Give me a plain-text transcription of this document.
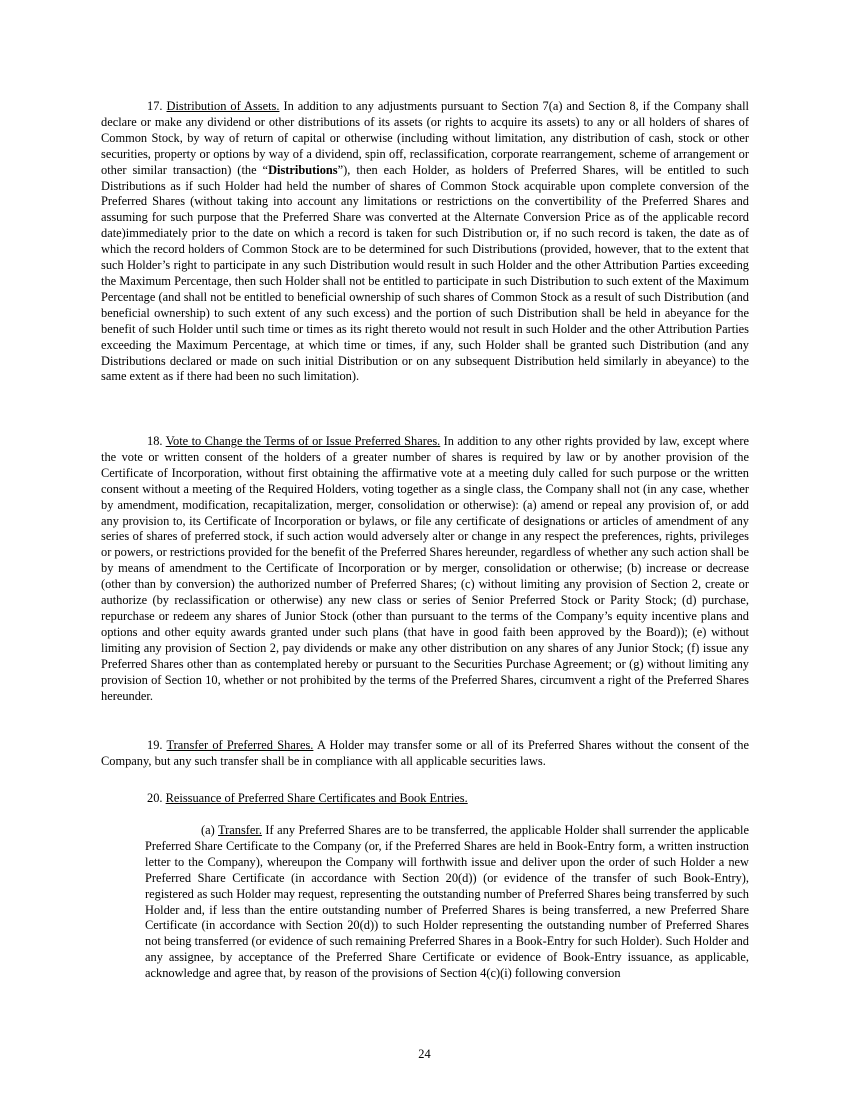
17. Distribution of Assets. In addition to any adjustments pursuant to Section 7(a) and Section 8, if the Company shall declare or make any dividend or other distributions of its assets (or rights to acquire its assets) to any or all holders of shares of Common Stock, by way of return of capital or otherwise (including without limitation, any distribution of cash, stock or other securities, property or options by way of a dividend, spin off, reclassification, corporate rearrangement, scheme of arrangement or other similar transaction) (the “Distributions”), then each Holder, as holders of Preferred Shares, will be entitled to such Distributions as if such Holder had held the number of shares of Common Stock acquirable upon complete conversion of the Preferred Shares (without taking into account any limitations or restrictions on the convertibility of the Preferred Shares and assuming for such purpose that the Preferred Share was converted at the Alternate Conversion Price as of the applicable record date)immediately prior to the date on which a record is taken for such Distribution or, if no such record is taken, the date as of which the record holders of Common Stock are to be determined for such Distributions (provided, however, that to the extent that such Holder’s right to participate in any such Distribution would result in such Holder and the other Attribution Parties exceeding the Maximum Percentage, then such Holder shall not be entitled to participate in such Distribution to such extent of the Maximum Percentage (and shall not be entitled to beneficial ownership of such shares of Common Stock as a result of such Distribution (and beneficial ownership) to such extent of any such excess) and the portion of such Distribution shall be held in abeyance for the benefit of such Holder until such time or times as its right thereto would not result in such Holder and the other Attribution Parties exceeding the Maximum Percentage, at which time or times, if any, such Holder shall be granted such Distribution (and any Distributions declared or made on such initial Distribution or on any subsequent Distribution held similarly in abeyance) to the same extent as if there had been no such limitation).

18. Vote to Change the Terms of or Issue Preferred Shares. In addition to any other rights provided by law, except where the vote or written consent of the holders of a greater number of shares is required by law or by another provision of the Certificate of Incorporation, without first obtaining the affirmative vote at a meeting duly called for such purpose or the written consent without a meeting of the Required Holders, voting together as a single class, the Company shall not (in any case, whether by amendment, modification, recapitalization, merger, consolidation or otherwise): (a) amend or repeal any provision of, or add any provision to, its Certificate of Incorporation or bylaws, or file any certificate of designations or articles of amendment of any series of shares of preferred stock, if such action would adversely alter or change in any respect the preferences, rights, privileges or powers, or restrictions provided for the benefit of the Preferred Shares hereunder, regardless of whether any such action shall be by means of amendment to the Certificate of Incorporation or by merger, consolidation or otherwise; (b) increase or decrease (other than by conversion) the authorized number of Preferred Shares; (c) without limiting any provision of Section 2, create or authorize (by reclassification or otherwise) any new class or series of Senior Preferred Stock or Parity Stock; (d) purchase, repurchase or redeem any shares of Junior Stock (other than pursuant to the terms of the Company’s equity incentive plans and options and other equity awards granted under such plans (that have in good faith been approved by the Board)); (e) without limiting any provision of Section 2, pay dividends or make any other distribution on any shares of any Junior Stock; (f) issue any Preferred Shares other than as contemplated hereby or pursuant to the Securities Purchase Agreement; or (g) without limiting any provision of Section 10, whether or not prohibited by the terms of the Preferred Shares, circumvent a right of the Preferred Shares hereunder.

19. Transfer of Preferred Shares. A Holder may transfer some or all of its Preferred Shares without the consent of the Company, but any such transfer shall be in compliance with all applicable securities laws.

20. Reissuance of Preferred Share Certificates and Book Entries.

(a) Transfer. If any Preferred Shares are to be transferred, the applicable Holder shall surrender the applicable Preferred Share Certificate to the Company (or, if the Preferred Shares are held in Book-Entry form, a written instruction letter to the Company), whereupon the Company will forthwith issue and deliver upon the order of such Holder a new Preferred Share Certificate (in accordance with Section 20(d)) (or evidence of the transfer of such Book-Entry), registered as such Holder may request, representing the outstanding number of Preferred Shares being transferred by such Holder and, if less than the entire outstanding number of Preferred Shares is being transferred, a new Preferred Share Certificate (in accordance with Section 20(d)) to such Holder representing the outstanding number of Preferred Shares not being transferred (or evidence of such remaining Preferred Shares in a Book-Entry for such Holder). Such Holder and any assignee, by acceptance of the Preferred Share Certificate or evidence of Book-Entry issuance, as applicable, acknowledge and agree that, by reason of the provisions of Section 4(c)(i) following conversion

24
